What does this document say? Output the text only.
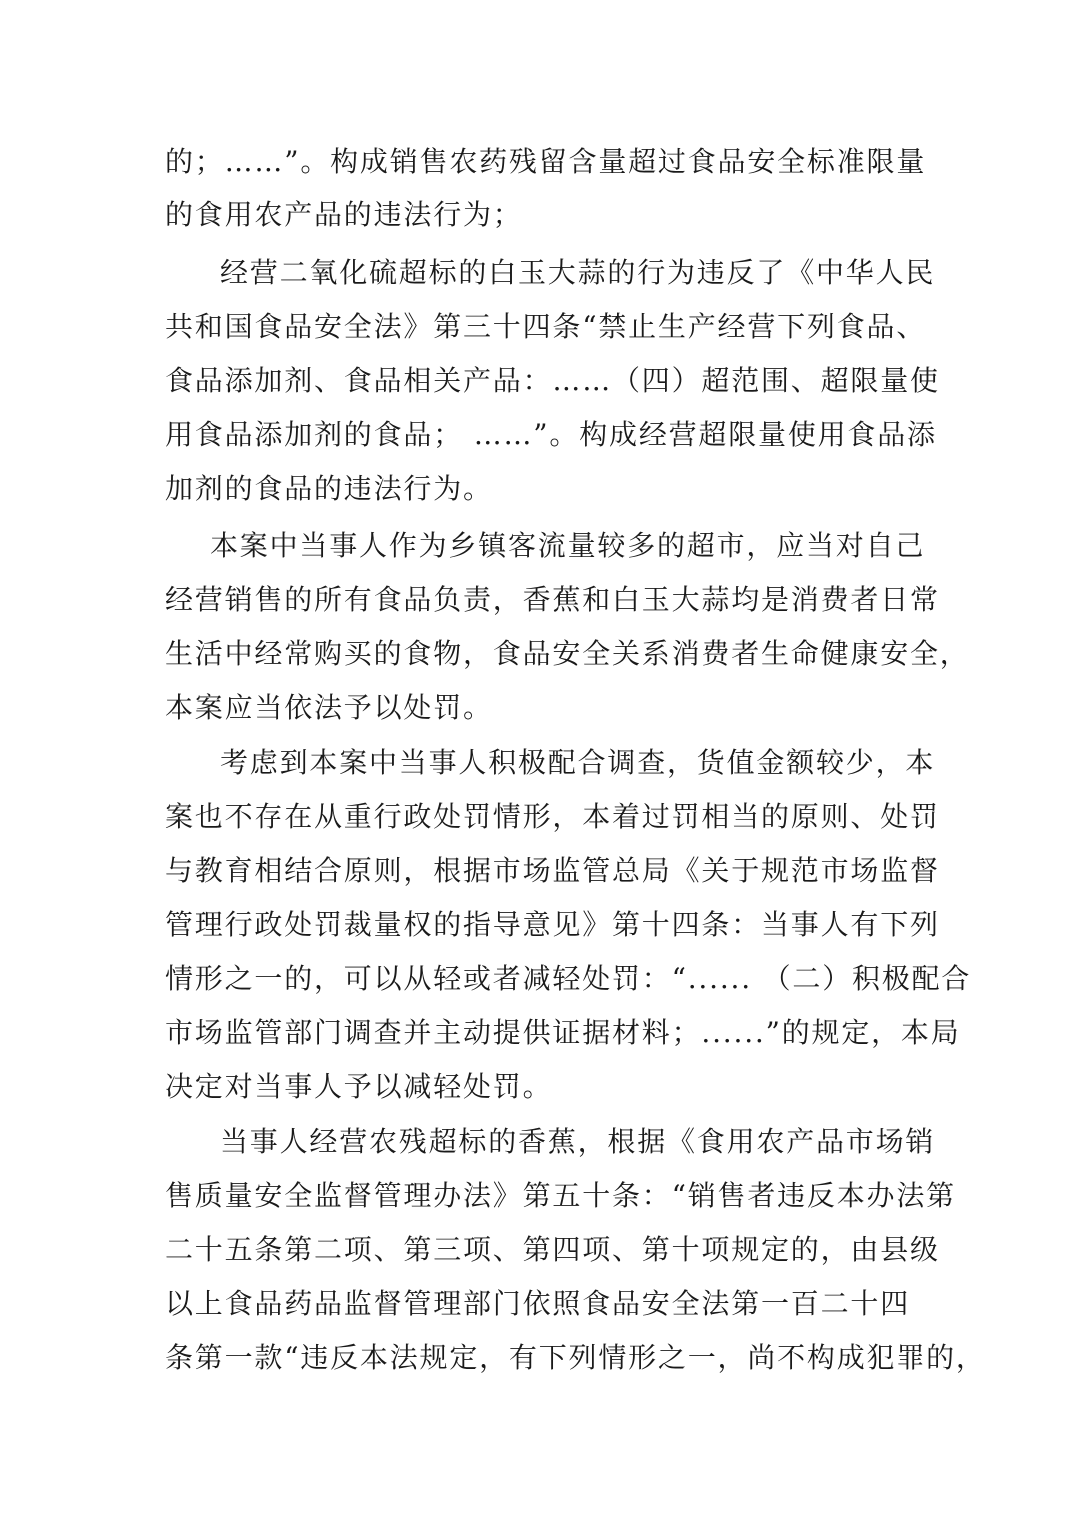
的；……”。构成销售农药残留含量超过食品安全标准限量
的食用农产品的违法行为；
经营二氧化硫超标的白玉大蒜的行为违反了《中华人民
共和国食品安全法》第三十四条“禁止生产经营下列食品、
食品添加剂、食品相关产品：……（四）超范围、超限量使
用食品添加剂的食品； ……”。构成经营超限量使用食品添
加剂的食品的违法行为。
本案中当事人作为乡镇客流量较多的超市，应当对自己
经营销售的所有食品负责，香蕉和白玉大蒜均是消费者日常
生活中经常购买的食物，食品安全关系消费者生命健康安全，
本案应当依法予以处罚。
考虑到本案中当事人积极配合调查，货值金额较少，本
案也不存在从重行政处罚情形，本着过罚相当的原则、处罚
与教育相结合原则，根据市场监管总局《关于规范市场监督
管理行政处罚裁量权的指导意见》第十四条：当事人有下列
情形之一的，可以从轻或者减轻处罚：“...... （二）积极配合
市场监管部门调查并主动提供证据材料；......”的规定，本局
决定对当事人予以减轻处罚。
当事人经营农残超标的香蕉，根据《食用农产品市场销
售质量安全监督管理办法》第五十条：“销售者违反本办法第
二十五条第二项、第三项、第四项、第十项规定的，由县级
以上食品药品监督管理部门依照食品安全法第一百二十四
条第一款“违反本法规定，有下列情形之一，尚不构成犯罪的，
